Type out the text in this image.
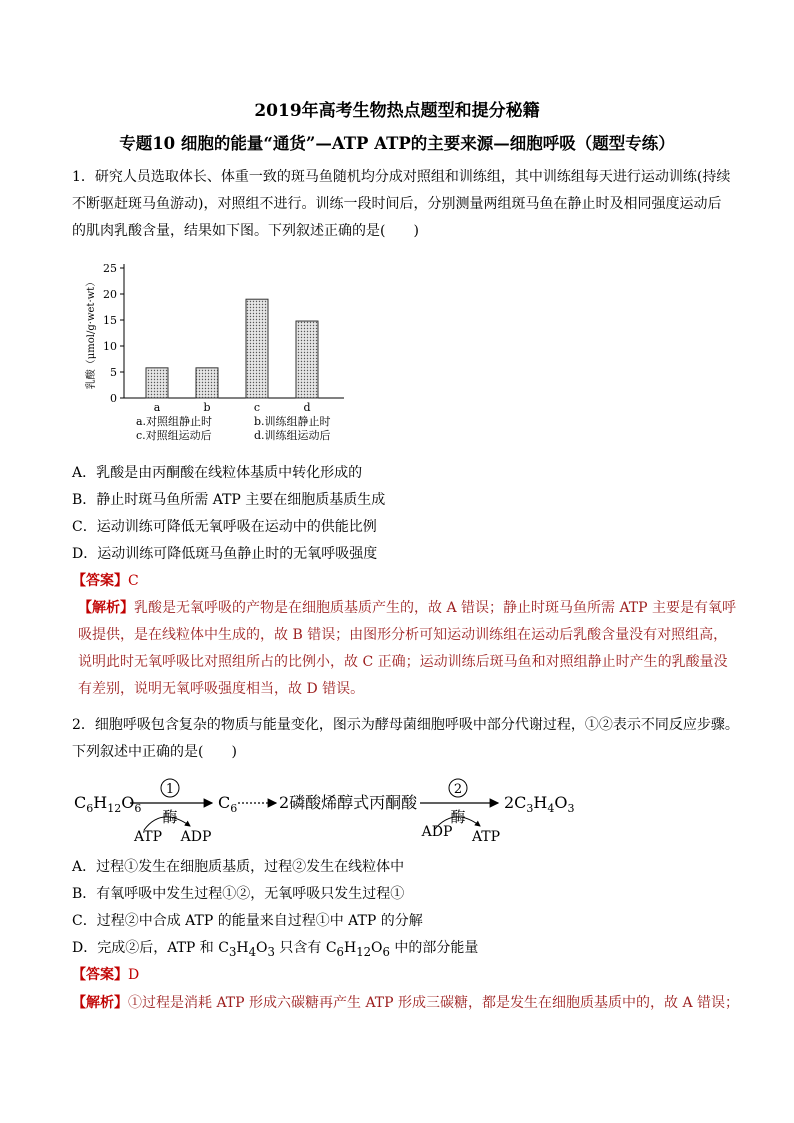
2019年高考生物热点题型和提分秘籍
专题10 细胞的能量“通货”—ATP ATP的主要来源—细胞呼吸（题型专练）
1．研究人员选取体长、体重一致的斑马鱼随机均分成对照组和训练组，其中训练组每天进行运动训练(持续
不断驱赶斑马鱼游动)，对照组不进行。训练一段时间后，分别测量两组斑马鱼在静止时及相同强度运动后
的肌肉乳酸含量，结果如下图。下列叙述正确的是(　　)
0
5
10
15
20
25
乳酸（μmol/g·wet·wt）
a	b	c	d
a.对照组静止时	b.训练组静止时
c.对照组运动后	d.训练组运动后
A．乳酸是由丙酮酸在线粒体基质中转化形成的
B．静止时斑马鱼所需 ATP 主要在细胞质基质生成
C．运动训练可降低无氧呼吸在运动中的供能比例
D．运动训练可降低斑马鱼静止时的无氧呼吸强度
【答案】C
【解析】乳酸是无氧呼吸的产物是在细胞质基质产生的，故 A 错误；静止时斑马鱼所需 ATP 主要是有氧呼
吸提供，是在线粒体中生成的，故 B 错误；由图形分析可知运动训练组在运动后乳酸含量没有对照组高，
说明此时无氧呼吸比对照组所占的比例小，故 C 正确；运动训练后斑马鱼和对照组静止时产生的乳酸量没
有差别，说明无氧呼吸强度相当，故 D 错误。
2．细胞呼吸包含复杂的物质与能量变化，图示为酵母菌细胞呼吸中部分代谢过程，①②表示不同反应步骤。
下列叙述中正确的是(　　)
$C_6H_{12}O_6$
1
酶
ATP ADP
$C_6$	2磷酸烯醇式丙酮酸
2
酶
ADP ATP
$2C_3H_4O_3$
A．过程①发生在细胞质基质，过程②发生在线粒体中
B．有氧呼吸中发生过程①②，无氧呼吸只发生过程①
C．过程②中合成 ATP 的能量来自过程①中 ATP 的分解
D．完成②后，ATP 和 $C_3H_4O_3$ 只含有 $C_6H_{12}O_6$ 中的部分能量
【答案】D
【解析】①过程是消耗 ATP 形成六碳糖再产生 ATP 形成三碳糖，都是发生在细胞质基质中的，故 A 错误；
